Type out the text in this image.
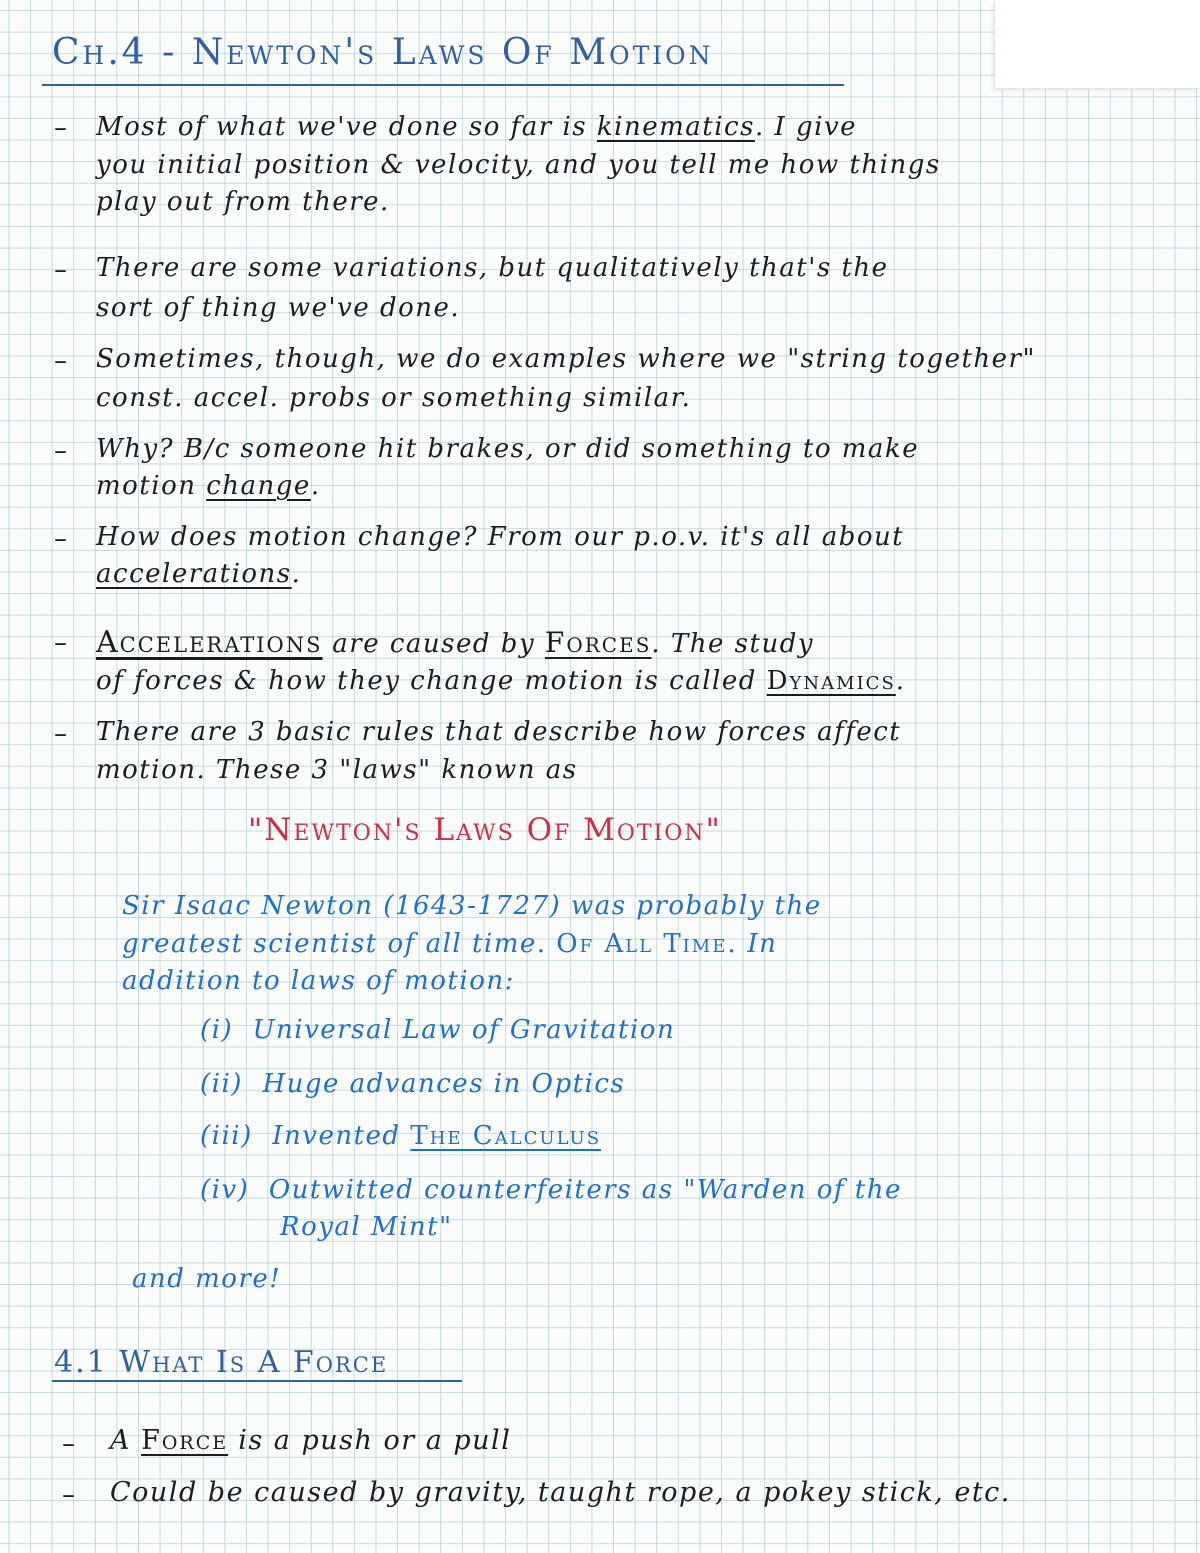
Ch.4 - Newton's Laws Of Motion
– Most of what we've done so far is kinematics. I give
you initial position & velocity, and you tell me how things
play out from there.
– There are some variations, but qualitatively that's the
sort of thing we've done.
– Sometimes, though, we do examples where we "string together"
const. accel. probs or something similar.
– Why? B/c someone hit brakes, or did something to make
motion change.
– How does motion change? From our p.o.v. it's all about
accelerations.
– Accelerations are caused by Forces. The study
of forces & how they change motion is called Dynamics.
– There are 3 basic rules that describe how forces affect
motion. These 3 "laws" known as
"Newton's Laws Of Motion"
Sir Isaac Newton (1643-1727) was probably the
greatest scientist of all time. Of All Time. In
addition to laws of motion:
(i) Universal Law of Gravitation
(ii) Huge advances in Optics
(iii) Invented The Calculus
(iv) Outwitted counterfeiters as "Warden of the
Royal Mint"
and more!
4.1 What Is A Force
– A Force is a push or a pull
– Could be caused by gravity, taught rope, a pokey stick, etc.
